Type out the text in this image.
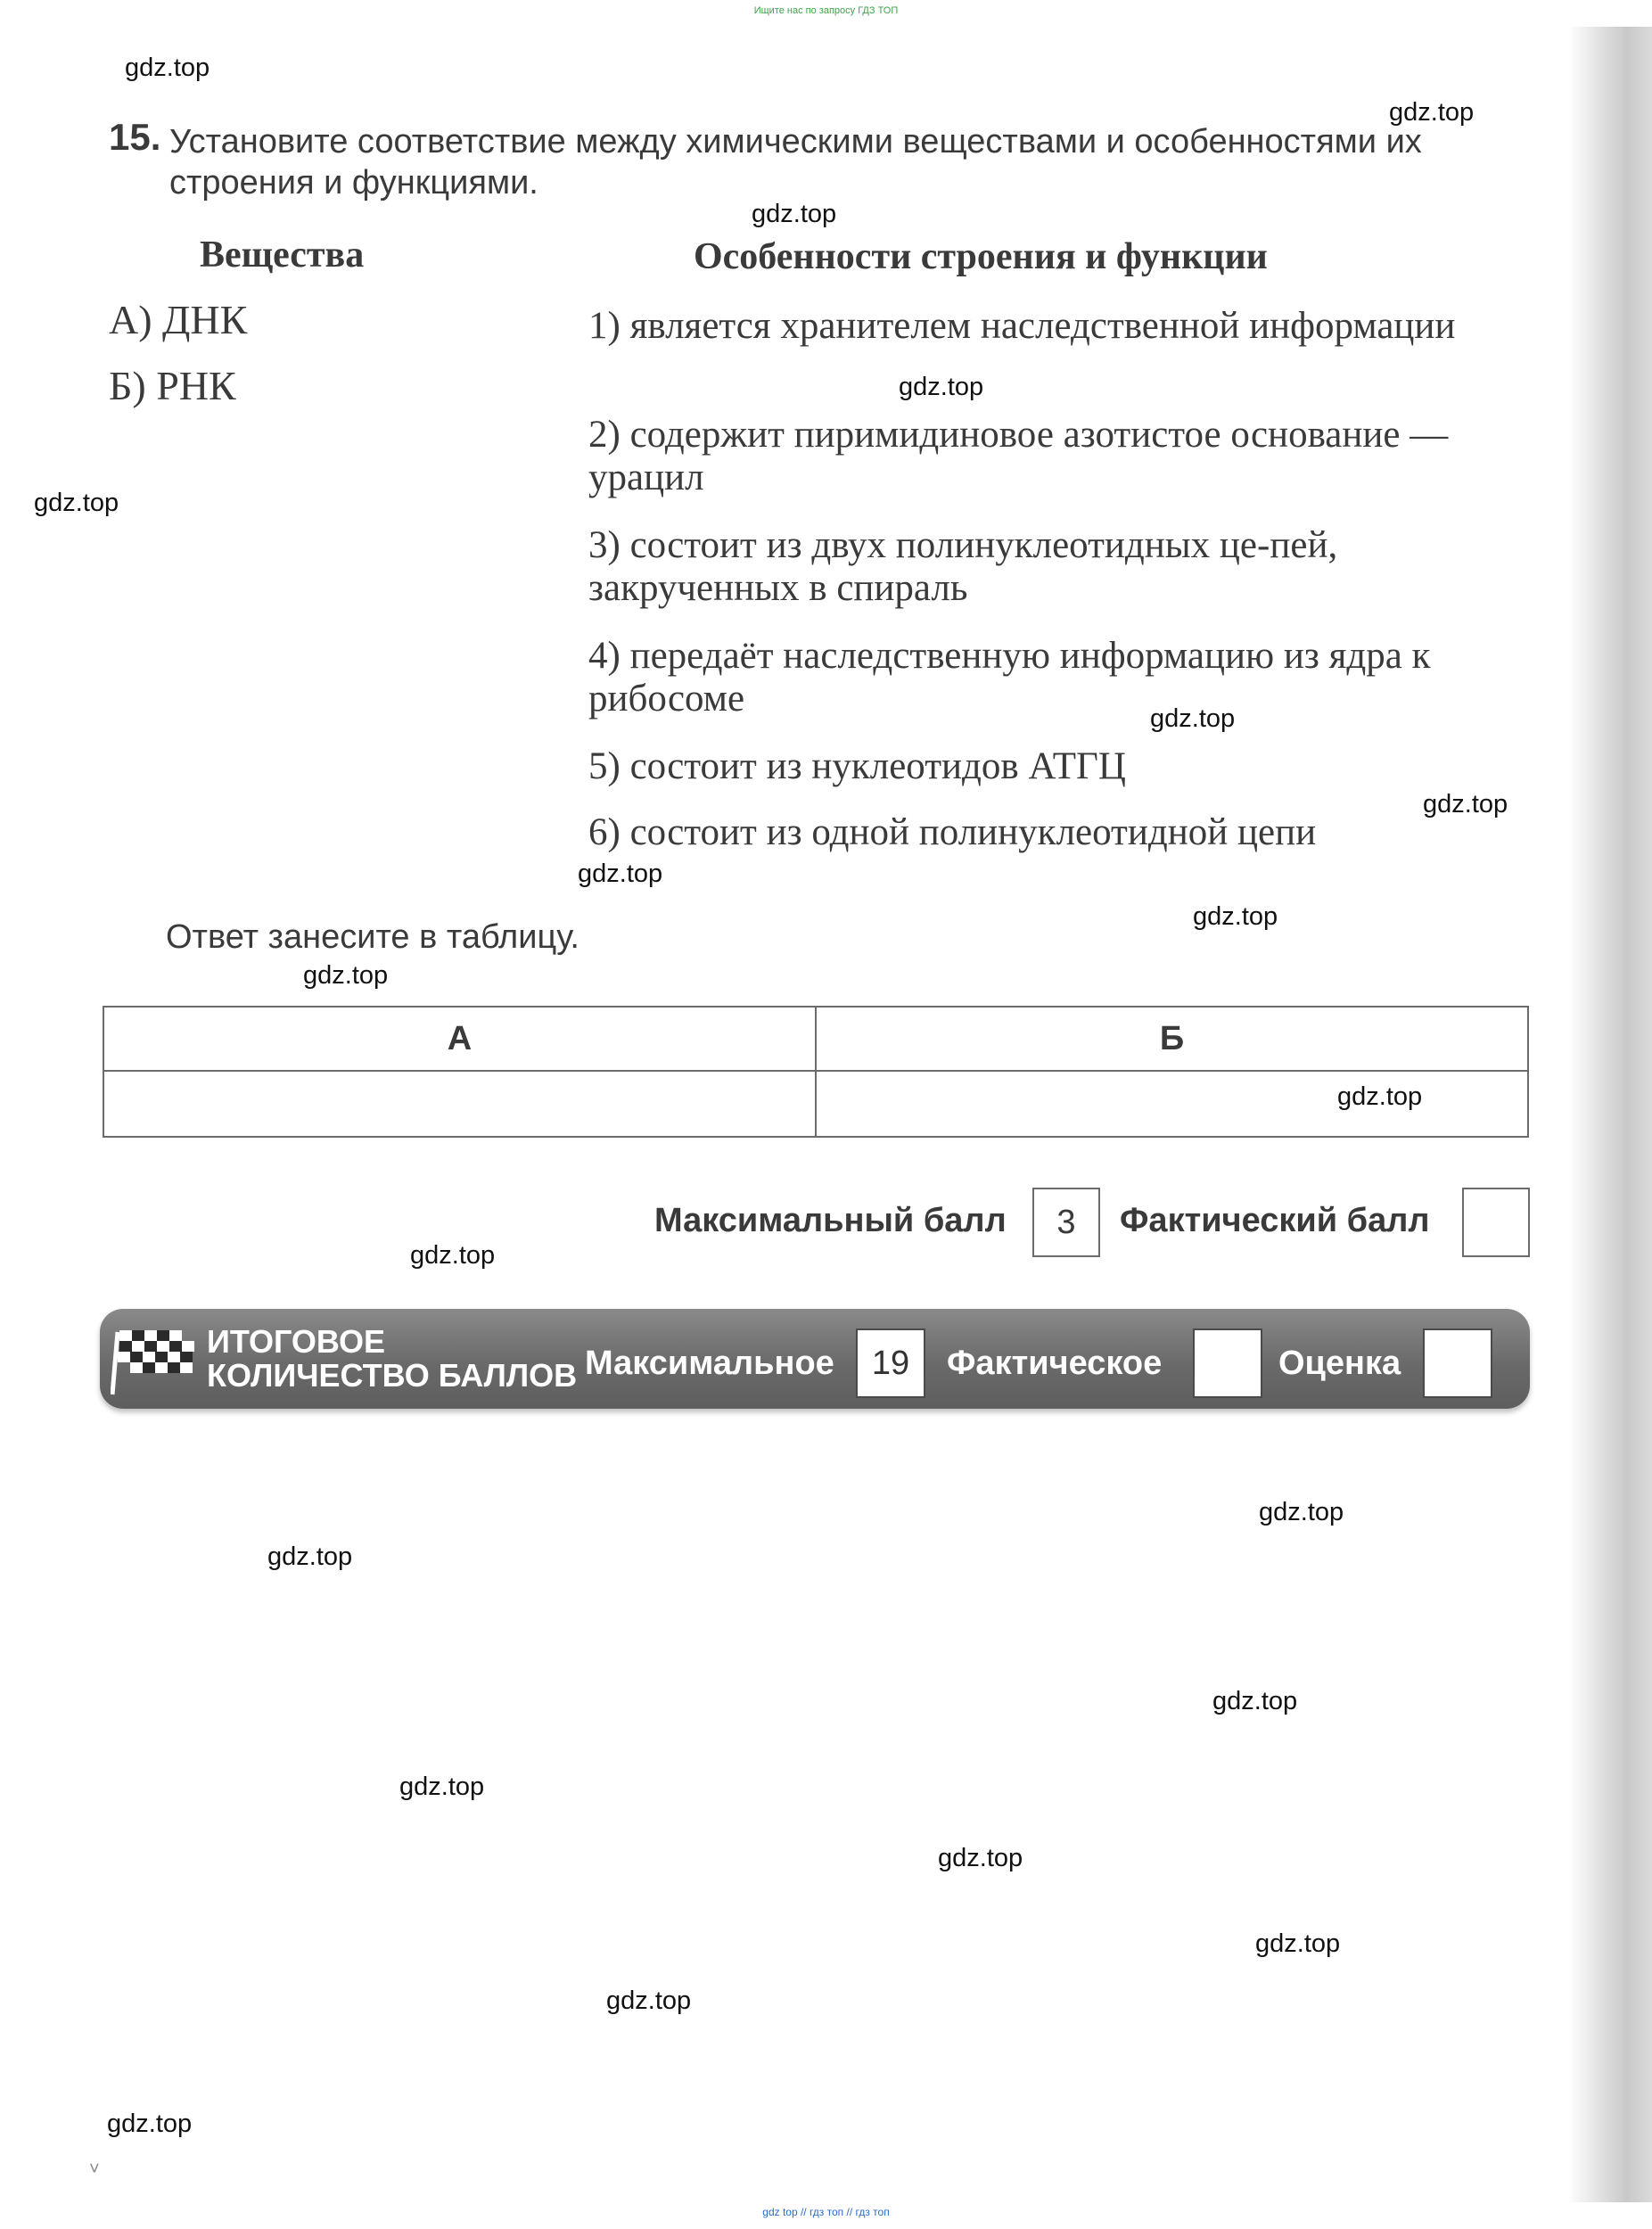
Ищите нас по запросу ГДЗ ТОП
gdz.top
gdz.top
gdz.top
gdz.top
gdz.top
gdz.top
gdz.top
gdz.top
gdz.top
gdz.top
gdz.top
gdz.top
gdz.top
gdz.top
gdz.top
gdz.top
gdz.top
gdz.top
gdz.top
gdz.top
15. Установите соответствие между химическими веществами и особенностями их строения и функциями.
Вещества	Особенности строения и функции
А) ДНК
Б) РНК
1) является хранителем наследственной информации
2) содержит пиримидиновое азотистое основание — урацил
3) состоит из двух полинуклеотидных це-пей, закрученных в спираль
4) передаёт наследственную информацию из ядра к рибосоме
5) состоит из нуклеотидов АТГЦ
6) состоит из одной полинуклеотидной цепи
Ответ занесите в таблицу.
А	Б

Максимальный балл	3	Фактический балл
ИТОГОВОЕ
КОЛИЧЕСТВО БАЛЛОВ Максимальное	19	Фактическое	Оценка
˅
gdz top // гдз топ // гдз топ
